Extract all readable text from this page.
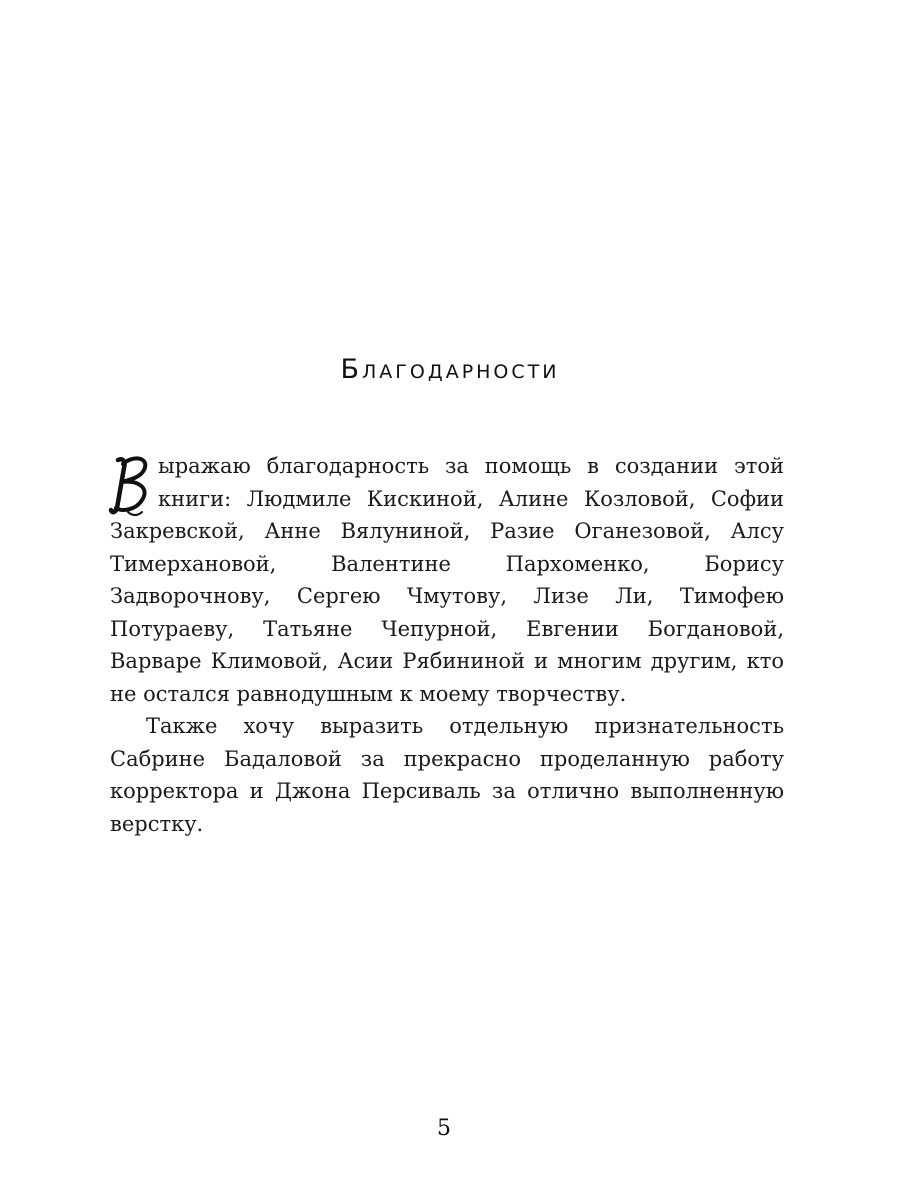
Благодарности

ыражаю благодарность за помощь в создании этой книги: Людмиле Кискиной, Алине Козловой, Софии Закревской, Анне Вялуниной, Разие Оганезовой, Алсу Тимерхановой, Валентине Пархоменко, Борису Задворочнову, Сергею Чмутову, Лизе Ли, Тимофею Потураеву, Татьяне Чепурной, Евгении Богдановой, Варваре Климовой, Асии Рябининой и многим другим, кто не остался равнодушным к моему творчеству.

Также хочу выразить отдельную признательность Сабрине Бадаловой за прекрасно проделанную работу корректора и Джона Персиваль за отлично выполненную верстку.

5
